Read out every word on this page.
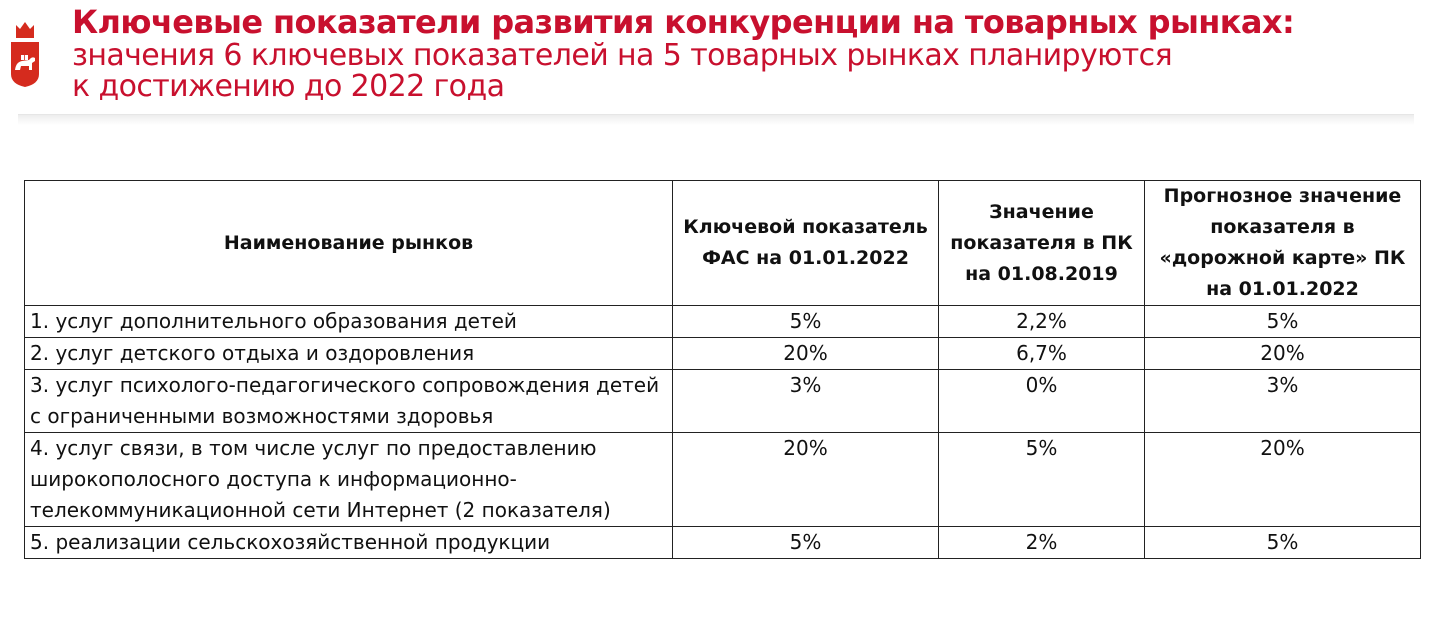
Ключевые показатели развития конкуренции на товарных рынках:
значения 6 ключевых показателей на 5 товарных рынках планируются
к достижению до 2022 года
Наименование рынков	Ключевой показатель ФАС на 01.01.2022	Значение показателя в ПК на 01.08.2019	Прогнозное значение показателя в «дорожной карте» ПК на 01.01.2022
1. услуг дополнительного образования детей	5%	2,2%	5%
2. услуг детского отдыха и оздоровления	20%	6,7%	20%
3. услуг психолого-педагогического сопровождения детей с ограниченными возможностями здоровья	3%	0%	3%
4. услуг связи, в том числе услуг по предоставлению широкополосного доступа к информационно-телекоммуникационной сети Интернет (2 показателя)	20%	5%	20%
5. реализации сельскохозяйственной продукции	5%	2%	5%
